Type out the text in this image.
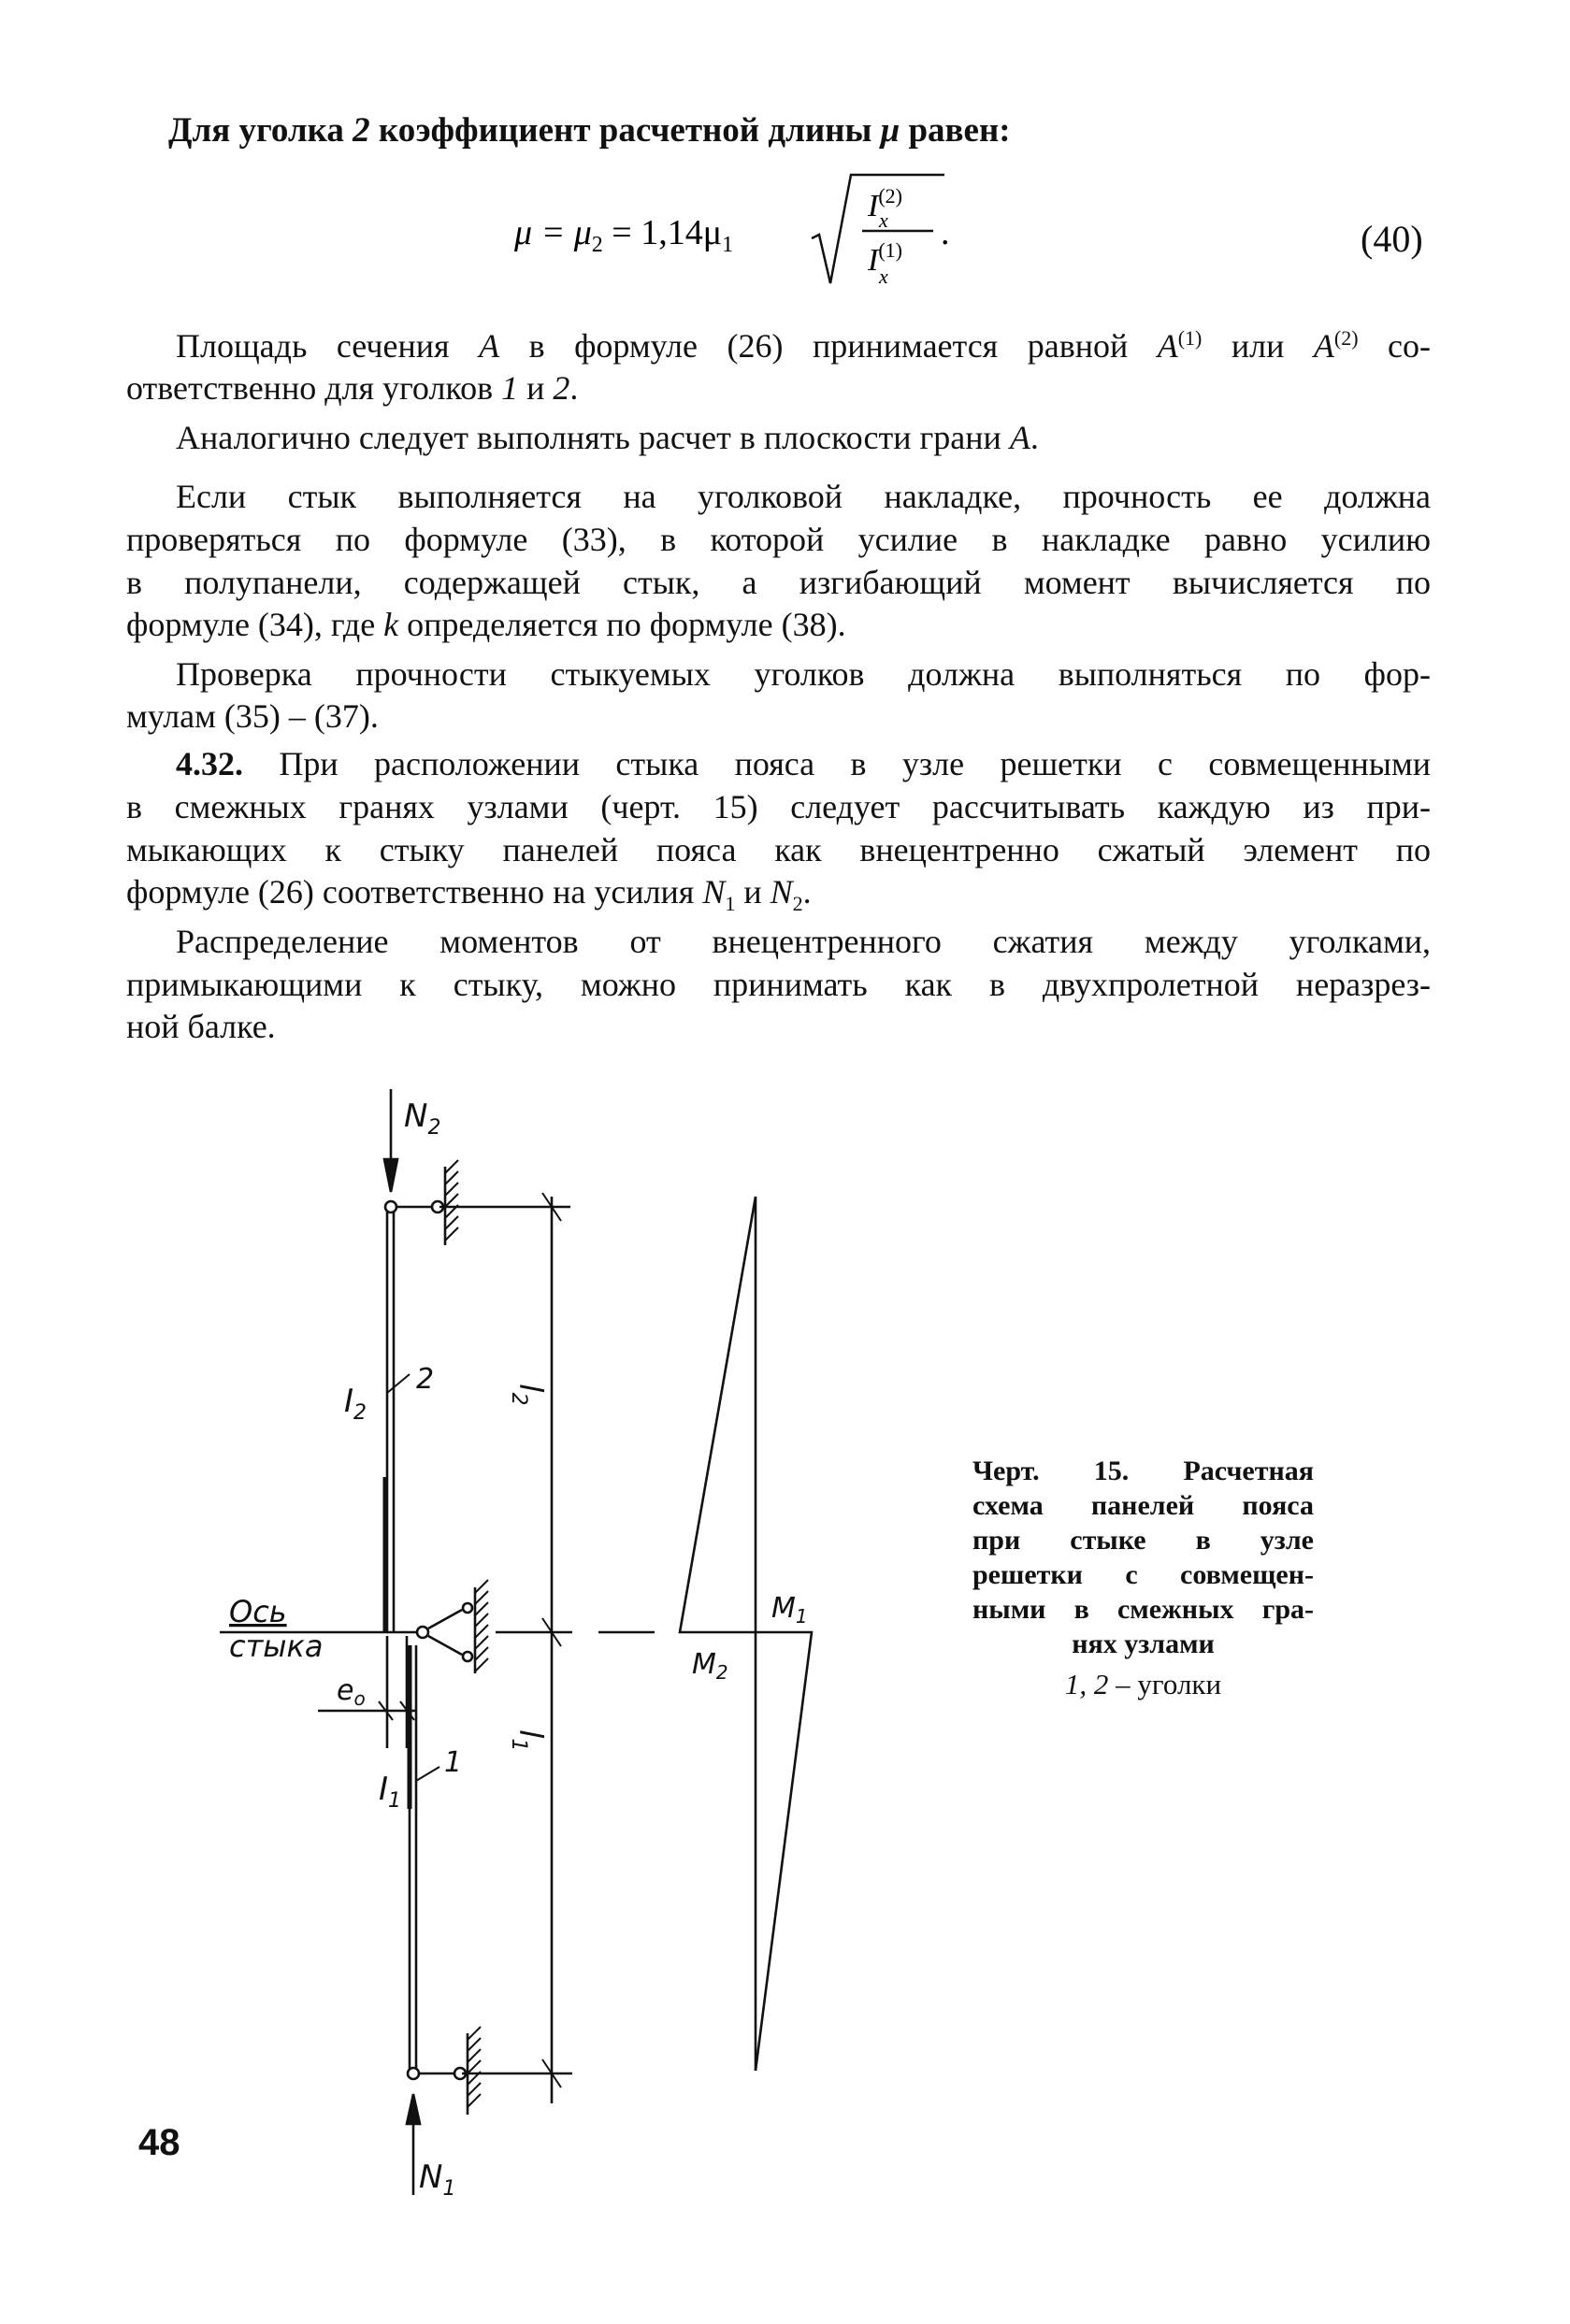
Для уголка 2 коэффициент расчетной длины μ равен:
$\mu = \mu_2 = 1,14\mu_1$
$I^{(2)}$
x
$I^{(1)}$
x
.	(40)
Площадь сечения A в формуле (26) принимается равной $A^{(1)}$ или $A^{(2)}$ со-
ответственно для уголков 1 и 2.
Аналогично следует выполнять расчет в плоскости грани A.
Если стык выполняется на уголковой накладке, прочность ее должна
проверяться по формуле (33), в которой усилие в накладке равно усилию
в полупанели, содержащей стык, а изгибающий момент вычисляется по
формуле (34), где k определяется по формуле (38).
Проверка прочности стыкуемых уголков должна выполняться по фор-
мулам (35) – (37).
4.32. При расположении стыка пояса в узле решетки с совмещенными
в смежных гранях узлами (черт. 15) следует рассчитывать каждую из при-
мыкающих к стыку панелей пояса как внецентренно сжатый элемент по
формуле (26) соответственно на усилия $N_1$ и $N_2$.
Распределение моментов от внецентренного сжатия между уголками,
примыкающими к стыку, можно принимать как в двухпролетной неразрез-
ной балке.
$N_2$
$N_1$
$I_2$
$I_1$
2
1
$l_2$
$l_1$
Ось
стыка
$e_o$
$M_1$
$M_2$
Черт. 15. Расчетная
схема панелей пояса
при стыке в узле
решетки с совмещен-
ными в смежных гра-
нях узлами
1, 2 – уголки
48
